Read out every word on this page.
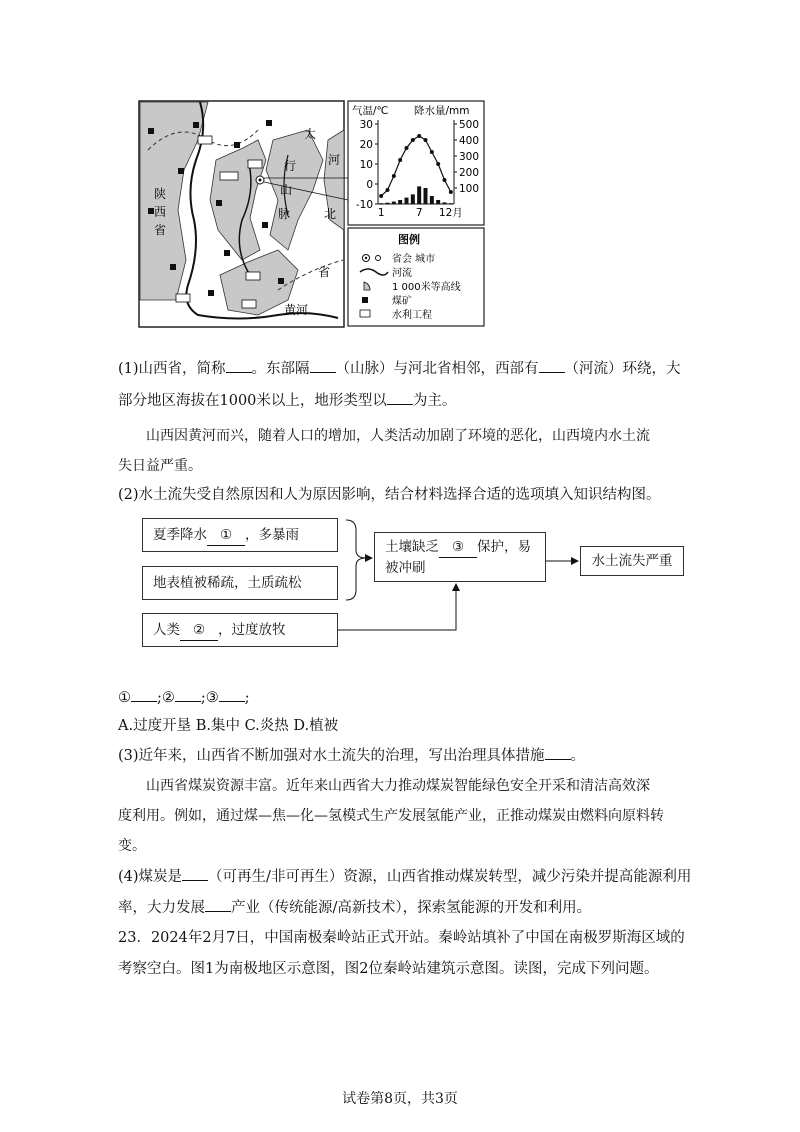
陕
西
省
太
行
山
脉
河
北
省
黄河
气温/℃ 降水量/mm
30
20
10
0
-10
500
400
300
200
100
1	7 12月
图例
省会 城市
河流
1 000米等高线
煤矿
水利工程
(1)山西省，简称 。东部隔 （山脉）与河北省相邻，西部有 （河流）环绕，大
部分地区海拔在1000米以上，地形类型以 为主。
山西因黄河而兴，随着人口的增加，人类活动加剧了环境的恶化，山西境内水土流
失日益严重。
(2)水土流失受自然原因和人为原因影响，结合材料选择合适的选项填入知识结构图。
夏季降水 ① ，多暴雨
地表植被稀疏，土质疏松
人类 ② ，过度放牧
土壤缺乏 ③ 保护，易
被冲刷	水土流失严重
① ;② ;③ ;
A.过度开垦 B.集中 C.炎热 D.植被
(3)近年来，山西省不断加强对水土流失的治理，写出治理具体措施 。
山西省煤炭资源丰富。近年来山西省大力推动煤炭智能绿色安全开采和清洁高效深
度利用。例如，通过煤—焦—化—氢模式生产发展氢能产业，正推动煤炭由燃料向原料转
变。
(4)煤炭是 （可再生/非可再生）资源，山西省推动煤炭转型，减少污染并提高能源利用
率，大力发展 产业（传统能源/高新技术），探索氢能源的开发和利用。
23．2024年2月7日，中国南极秦岭站正式开站。秦岭站填补了中国在南极罗斯海区域的
考察空白。图1为南极地区示意图，图2位秦岭站建筑示意图。读图，完成下列问题。
试卷第8页，共3页
